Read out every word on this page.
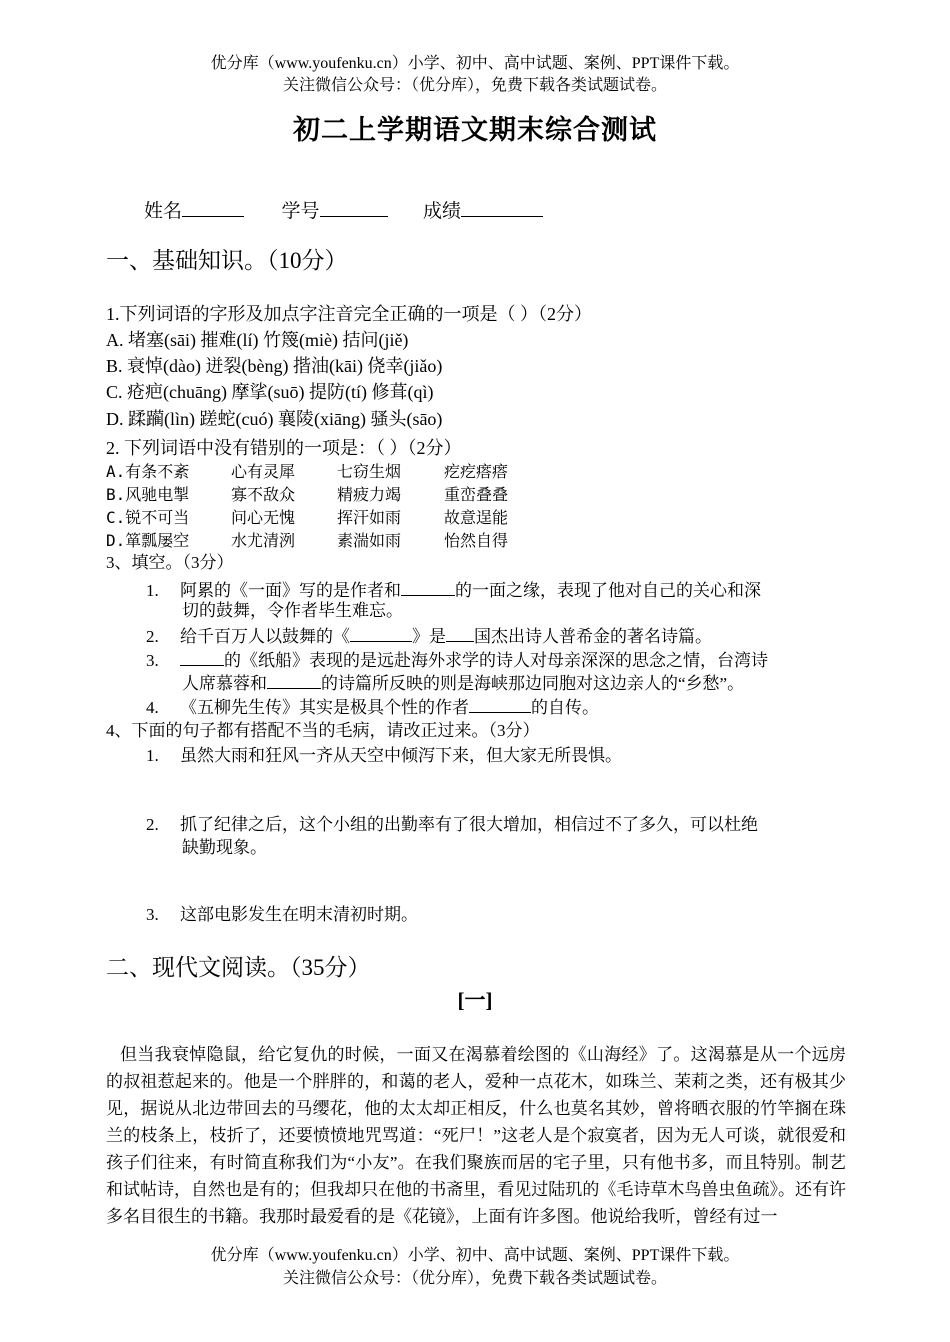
优分库（www.youfenku.cn）小学、初中、高中试题、案例、PPT课件下载。
关注微信公众号：（优分库），免费下载各类试题试卷。
初二上学期语文期末综合测试
姓名	学号	成绩
一、基础知识。（10分）
1.下列词语的字形及加点字注音完全正确的一项是（ ）（2分）
A. 堵塞(sāi) 摧难(lí) 竹篾(miè) 拮问(jiě)
B. 衰悼(dào) 迸裂(bèng) 揩油(kāi) 侥幸(jiǎo)
C. 疮疤(chuāng) 摩挲(suō) 提防(tí) 修葺(qì)
D. 蹂躏(lìn) 蹉蛇(cuó) 襄陵(xiāng) 骚头(sāo)
2. 下列词语中没有错别的一项是：（ ）（2分）
A.有条不紊	心有灵犀	七窃生烟	疙疙瘩瘩
B.风驰电掣	寡不敌众	精疲力竭	重峦叠叠
C.锐不可当	问心无愧	挥汗如雨	故意逞能
D.箪瓢屡空	水尤清洌	素湍如雨	怡然自得
3、填空。（3分）
1. 阿累的《一面》写的是作者和	的一面之缘，表现了他对自己的关心和深
切的鼓舞，令作者毕生难忘。
2. 给千百万人以鼓舞的《	》是 国杰出诗人普希金的著名诗篇。
3.	的《纸船》表现的是远赴海外求学的诗人对母亲深深的思念之情，台湾诗
人席慕蓉和	的诗篇所反映的则是海峡那边同胞对这边亲人的“乡愁”。
4. 《五柳先生传》其实是极具个性的作者	的自传。
4、下面的句子都有搭配不当的毛病，请改正过来。（3分）
1. 虽然大雨和狂风一齐从天空中倾泻下来，但大家无所畏惧。
2. 抓了纪律之后，这个小组的出勤率有了很大增加，相信过不了多久，可以杜绝
缺勤现象。
3. 这部电影发生在明末清初时期。
二、现代文阅读。（35分）
[一]
但当我衰悼隐鼠，给它复仇的时候，一面又在渴慕着绘图的《山海经》了。这渴慕是从一个远房的叔祖惹起来的。他是一个胖胖的，和蔼的老人，爱种一点花木，如珠兰、茉莉之类，还有极其少见，据说从北边带回去的马缨花，他的太太却正相反，什么也莫名其妙，曾将晒衣服的竹竿搁在珠兰的枝条上，枝折了，还要愤愤地咒骂道：“死尸！”这老人是个寂寞者，因为无人可谈，就很爱和孩子们往来，有时简直称我们为“小友”。在我们聚族而居的宅子里，只有他书多，而且特别。制艺和试帖诗，自然也是有的；但我却只在他的书斋里，看见过陆玑的《毛诗草木鸟兽虫鱼疏》。还有许多名目很生的书籍。我那时最爱看的是《花镜》，上面有许多图。他说给我听，曾经有过一
优分库（www.youfenku.cn）小学、初中、高中试题、案例、PPT课件下载。
关注微信公众号：（优分库），免费下载各类试题试卷。
